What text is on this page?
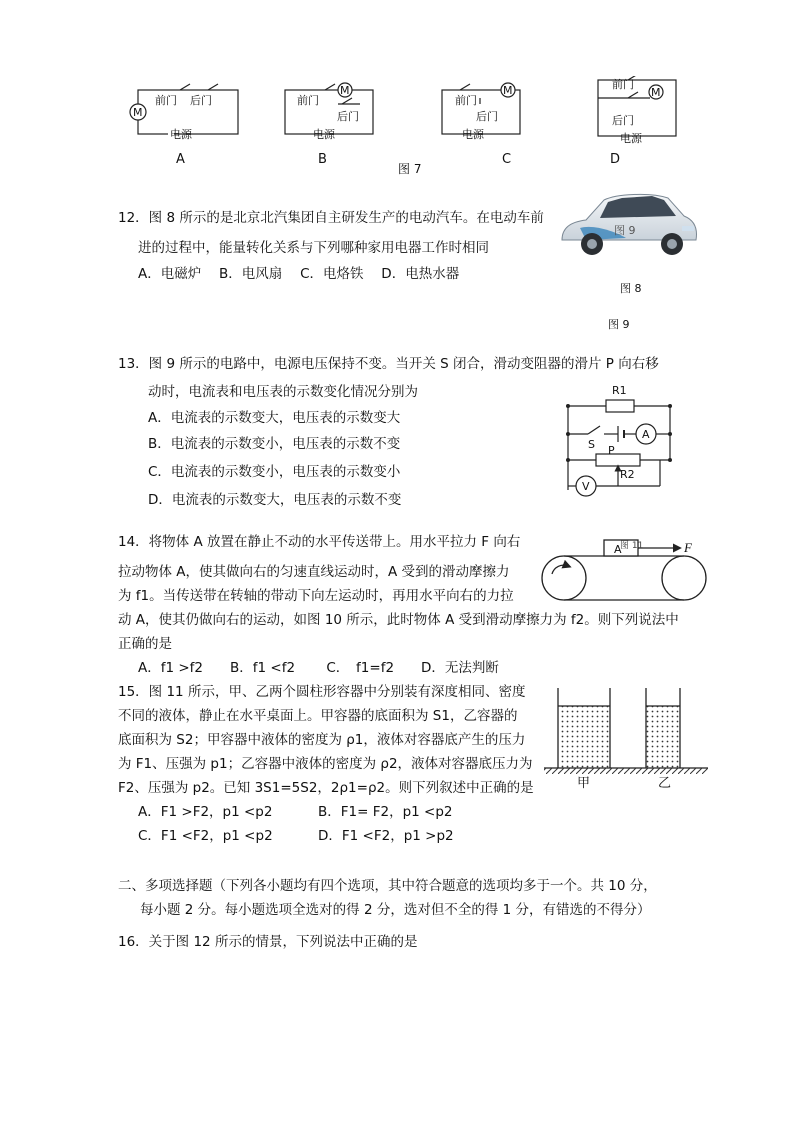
M
M	M	M
前门 后门
电源
前门
后门
电源
前门
后门
电源
前门
后门
电源
A	B
图 7
C	D
12．图 8 所示的是北京北汽集团自主研发生产的电动汽车。在电动车前
进的过程中，能量转化关系与下列哪种家用电器工作时相同
A．电磁炉　 B．电风扇　 C．电烙铁　 D．电热水器
图 9
图 8
图 9
13．图 9 所示的电路中，电源电压保持不变。当开关 S 闭合，滑动变阻器的滑片 P 向右移
动时，电流表和电压表的示数变化情况分别为
A．电流表的示数变大，电压表的示数变大
B．电流表的示数变小，电压表的示数不变
C．电流表的示数变小，电压表的示数变小
D．电流表的示数变大，电压表的示数不变
R1
S
A
P
R2
V
14．将物体 A 放置在静止不动的水平传送带上。用水平拉力 F 向右
拉动物体 A，使其做向右的匀速直线运动时，A 受到的滑动摩擦力
为 f1。当传送带在转轴的带动下向左运动时，再用水平向右的力拉
动 A，使其仍做向右的运动，如图 10 所示，此时物体 A 受到滑动摩擦力为 f2。则下列说法中
正确的是
A．f1 >f2　　B．f1 <f2　　 C．　f1=f2　　D．无法判断
A
图 11	F
15．图 11 所示，甲、乙两个圆柱形容器中分别装有深度相同、密度
不同的液体，静止在水平桌面上。甲容器的底面积为 S1，乙容器的
底面积为 S2；甲容器中液体的密度为 ρ1，液体对容器底产生的压力
为 F1、压强为 p1；乙容器中液体的密度为 ρ2，液体对容器底压力为
F2、压强为 p2。已知 3S1=5S2，2ρ1=ρ2。则下列叙述中正确的是
A．F1 >F2，p1 <p2	B．F1= F2，p1 <p2
C．F1 <F2，p1 <p2	D．F1 <F2，p1 >p2
甲	乙
二、多项选择题（下列各小题均有四个选项，其中符合题意的选项均多于一个。共 10 分，
每小题 2 分。每小题选项全选对的得 2 分，选对但不全的得 1 分，有错选的不得分）
16．关于图 12 所示的情景，下列说法中正确的是
